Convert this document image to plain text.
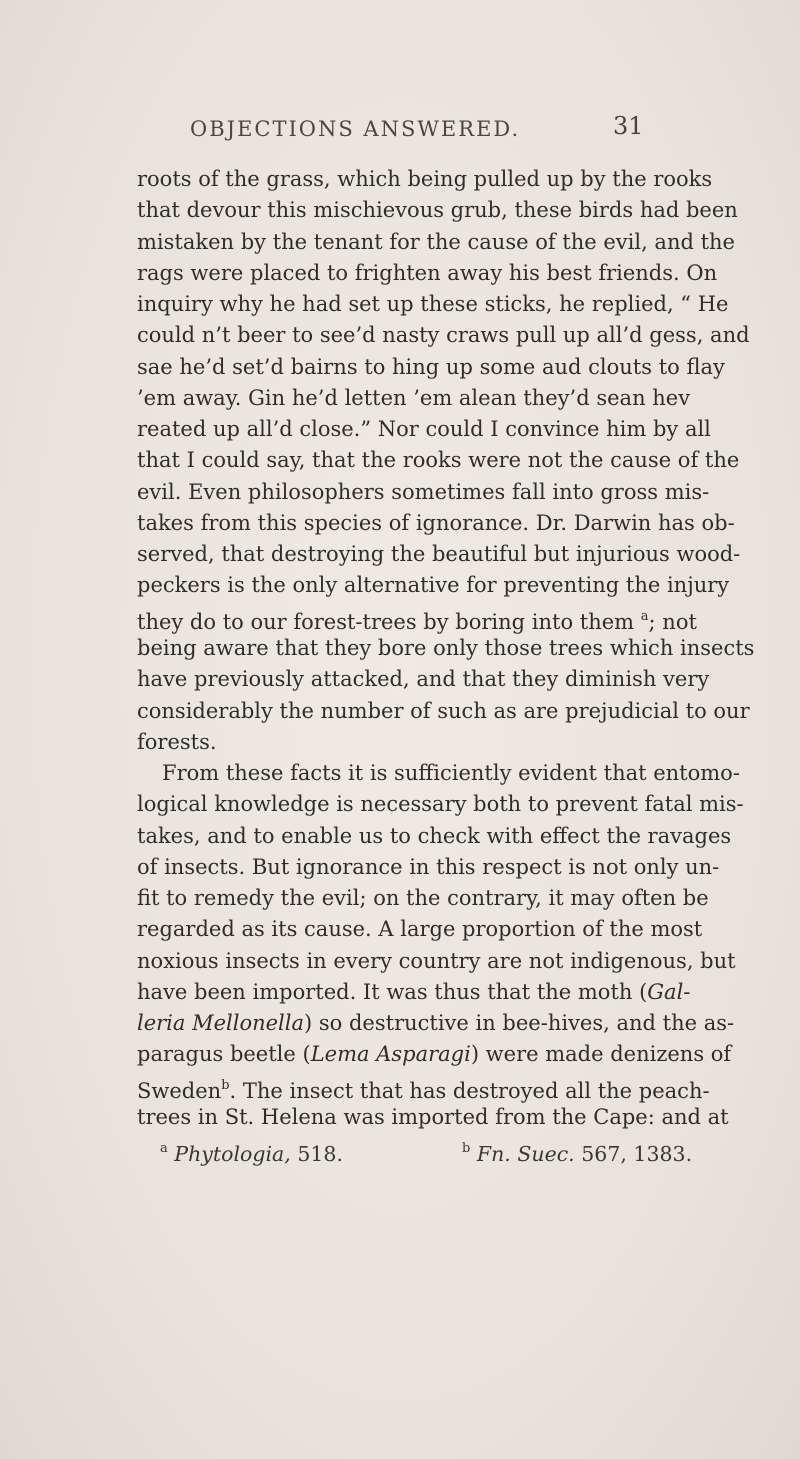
OBJECTIONS ANSWERED.	31
roots of the grass, which being pulled up by the rooks
that devour this mischievous grub, these birds had been
mistaken by the tenant for the cause of the evil, and the
rags were placed to frighten away his best friends. On
inquiry why he had set up these sticks, he replied, “ He
could n’t beer to see’d nasty craws pull up all’d gess, and
sae he’d set’d bairns to hing up some aud clouts to flay
’em away. Gin he’d letten ’em alean they’d sean hev
reated up all’d close.” Nor could I convince him by all
that I could say, that the rooks were not the cause of the
evil. Even philosophers sometimes fall into gross mis-
takes from this species of ignorance. Dr. Darwin has ob-
served, that destroying the beautiful but injurious wood-
peckers is the only alternative for preventing the injury
they do to our forest-trees by boring into them $^a$; not
being aware that they bore only those trees which insects
have previously attacked, and that they diminish very
considerably the number of such as are prejudicial to our
forests.
From these facts it is sufficiently evident that entomo-
logical knowledge is necessary both to prevent fatal mis-
takes, and to enable us to check with effect the ravages
of insects. But ignorance in this respect is not only un-
fit to remedy the evil; on the contrary, it may often be
regarded as its cause. A large proportion of the most
noxious insects in every country are not indigenous, but
have been imported. It was thus that the moth (Gal-
leria Mellonella) so destructive in bee-hives, and the as-
paragus beetle (Lema Asparagi) were made denizens of
Sweden$^b$. The insect that has destroyed all the peach-
trees in St. Helena was imported from the Cape: and at
$^a$ Phytologia, 518.	$^b$ Fn. Suec. 567, 1383.
